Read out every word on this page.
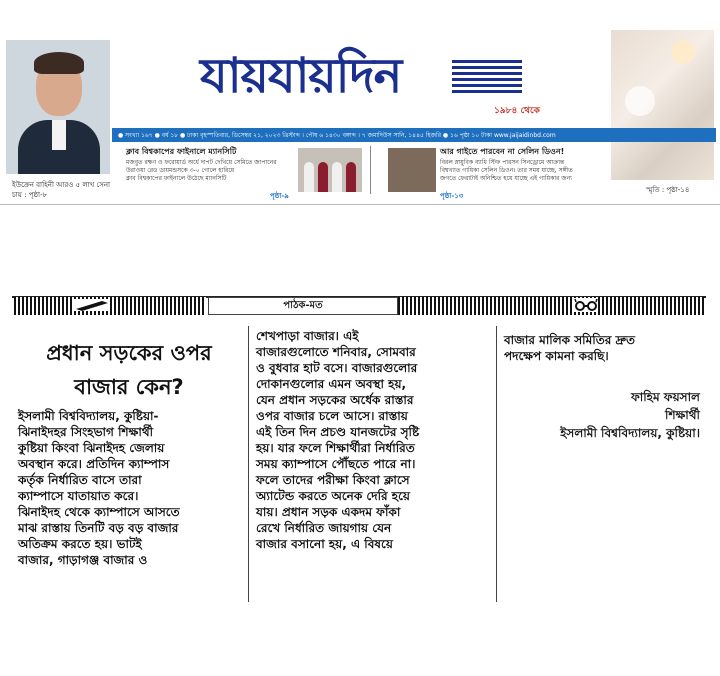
ইউক্রেন বাহিনী আরও ৫ লাখ সেনা চায় : পৃষ্ঠা-৮
যায়যায়দিন
১৯৮৪ থেকে
স্মৃতি : পৃষ্ঠা-১৪
● সংখ্যা ১৬৭ ● বর্ষ ১৮ ● ঢাকা বৃহস্পতিবার, ডিসেম্বর ২১, ২০২৩ খ্রিস্টাব্দ । পৌষ ৬ ১৪৩০ বঙ্গাব্দ । ৭ জমাদিউস সানি, ১৪৪৫ হিজরি ● ১৬ পৃষ্ঠা ১০ টাকা www.jaijaidinbd.com
ক্লাব বিশ্বকাপের ফাইনালে ম্যানসিটি
মজবুত রক্ষণ ও ফরোয়ার্ড অর্ধে দাপট দেখিয়ে সেমিতে জাপানের
উরাওয়া রেড ডায়মন্ডসকে ৩-০ গোলে হারিয়ে
ক্লাব বিশ্বকাপের ফাইনালে উঠেছে ম্যানসিটি
পৃষ্ঠা-৯
আর গাইতে পারবেন না সেলিন ডিওন!
বিরল স্নায়ুবিক ব্যাধি স্টিফ পারসন সিনড্রোমে আক্রান্ত
বিশ্বখ্যাত গায়িকা সেলিন ডিওন। তার সময় যাচ্ছে, সঙ্গীত
জগতে ফেরাটাই অনিশ্চিত হয়ে যাচ্ছে এই গায়িকার জন্য
পৃষ্ঠা-১৩
পাঠক-মত
প্রধান সড়কের ওপর
বাজার কেন?

ইসলামী বিশ্ববিদ্যালয়, কুষ্টিয়া-

ঝিনাইদহর সিংহভাগ শিক্ষার্থী

কুষ্টিয়া কিংবা ঝিনাইদহ জেলায়

অবস্থান করে। প্রতিদিন ক্যাম্পাস

কর্তৃক নির্ধারিত বাসে তারা

ক্যাম্পাসে যাতায়াত করে।

ঝিনাইদহ থেকে ক্যাম্পাসে আসতে

মাঝ রাস্তায় তিনটি বড় বড় বাজার

অতিক্রম করতে হয়। ভাটই

বাজার, গাড়াগঞ্জ বাজার ও

শেখপাড়া বাজার। এই

বাজারগুলোতে শনিবার, সোমবার

ও বুধবার হাট বসে। বাজারগুলোর

দোকানগুলোর এমন অবস্থা হয়,

যেন প্রধান সড়কের অর্ধেক রাস্তার

ওপর বাজার চলে আসে। রাস্তায়

এই তিন দিন প্রচণ্ড যানজটের সৃষ্টি

হয়। যার ফলে শিক্ষার্থীরা নির্ধারিত

সময় ক্যাম্পাসে পৌঁছতে পারে না।

ফলে তাদের পরীক্ষা কিংবা ক্লাসে

অ্যাটেন্ড করতে অনেক দেরি হয়ে

যায়। প্রধান সড়ক একদম ফাঁকা

রেখে নির্ধারিত জায়গায় যেন

বাজার বসানো হয়, এ বিষয়ে

বাজার মালিক সমিতির দ্রুত

পদক্ষেপ কামনা করছি।

ফাহিম ফয়সাল
শিক্ষার্থী
ইসলামী বিশ্ববিদ্যালয়, কুষ্টিয়া।
